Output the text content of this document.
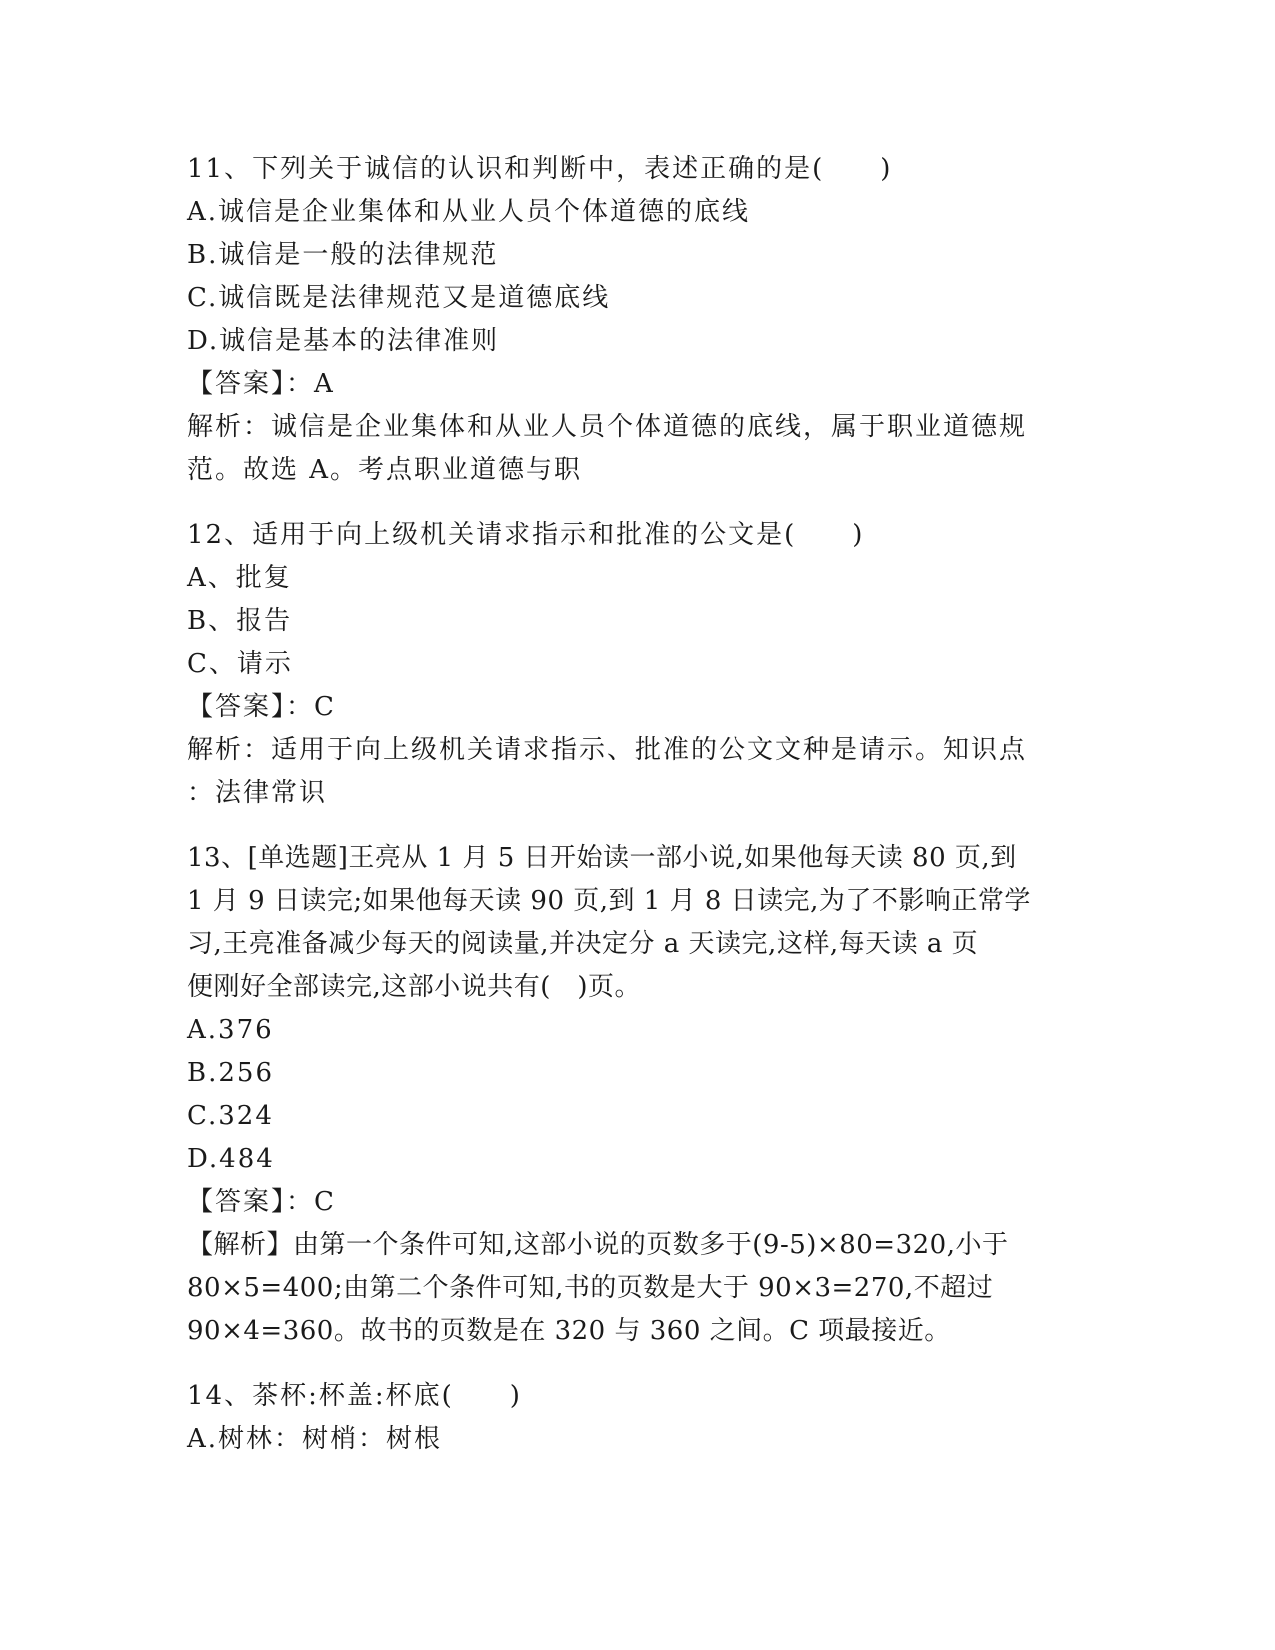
11、下列关于诚信的认识和判断中，表述正确的是(　　)
A.诚信是企业集体和从业人员个体道德的底线
B.诚信是一般的法律规范
C.诚信既是法律规范又是道德底线
D.诚信是基本的法律准则
【答案】：A
解析：诚信是企业集体和从业人员个体道德的底线，属于职业道德规
范。故选 A。考点职业道德与职
12、适用于向上级机关请求指示和批准的公文是(　　)
A、批复
B、报告
C、请示
【答案】：C
解析：适用于向上级机关请求指示、批准的公文文种是请示。知识点
：法律常识
13、[单选题]王亮从 1 月 5 日开始读一部小说,如果他每天读 80 页,到
1 月 9 日读完;如果他每天读 90 页,到 1 月 8 日读完,为了不影响正常学
习,王亮准备减少每天的阅读量,并决定分 a 天读完,这样,每天读 a 页
便刚好全部读完,这部小说共有(　)页。
A.376
B.256
C.324
D.484
【答案】：C
【解析】由第一个条件可知,这部小说的页数多于(9-5)×80=320,小于
80×5=400;由第二个条件可知,书的页数是大于 90×3=270,不超过
90×4=360。故书的页数是在 320 与 360 之间。C 项最接近。
14、茶杯:杯盖:杯底(　　)
A.树林：树梢：树根
